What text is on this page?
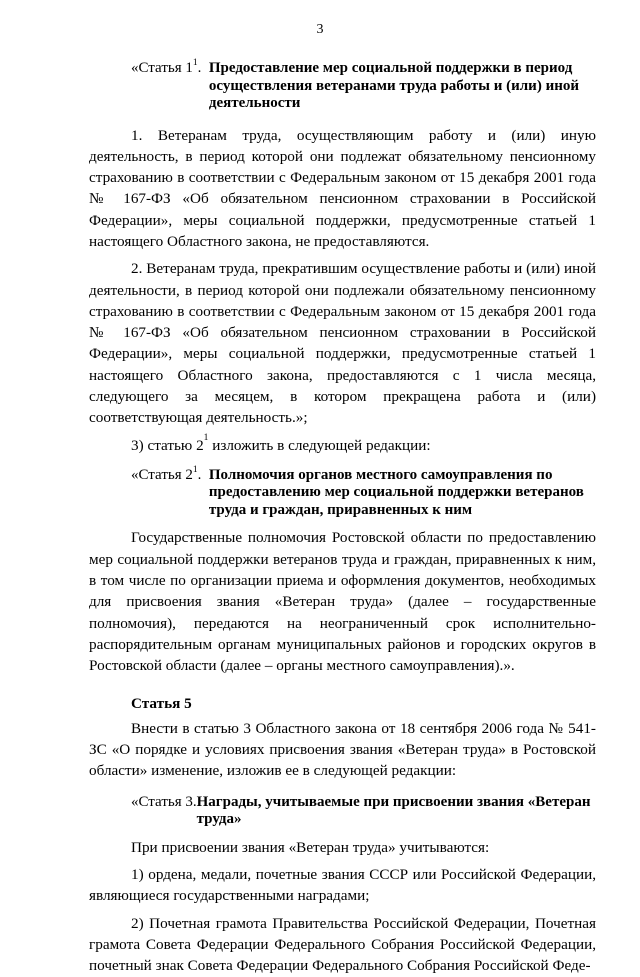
3
«Статья $1^1$. Предоставление мер социальной поддержки в период осуществления ветеранами труда работы и (или) иной деятельности

1. Ветеранам труда, осуществляющим работу и (или) иную деятельность, в период которой они подлежат обязательному пенсионному страхованию в соответствии с Федеральным законом от 15 декабря 2001 года № 167-ФЗ «Об обязательном пенсионном страховании в Российской Федерации», меры социальной поддержки, предусмотренные статьей 1 настоящего Областного закона, не предоставляются.

2. Ветеранам труда, прекратившим осуществление работы и (или) иной деятельности, в период которой они подлежали обязательному пенсионному страхованию в соответствии с Федеральным законом от 15 декабря 2001 года № 167-ФЗ «Об обязательном пенсионном страховании в Российской Федерации», меры социальной поддержки, предусмотренные статьей 1 настоящего Областного закона, предоставляются с 1 числа месяца, следующего за месяцем, в котором прекращена работа и (или) соответствующая деятельность.»;

3) статью $2^1$ изложить в следующей редакции:

«Статья $2^1$. Полномочия органов местного самоуправления по предоставлению мер социальной поддержки ветеранов труда и граждан, приравненных к ним

Государственные полномочия Ростовской области по предоставлению мер социальной поддержки ветеранов труда и граждан, приравненных к ним, в том числе по организации приема и оформления документов, необходимых для присвоения звания «Ветеран труда» (далее – государственные полномочия), передаются на неограниченный срок исполнительно-распорядительным органам муниципальных районов и городских округов в Ростовской области (далее – органы местного самоуправления).».

Статья 5

Внести в статью 3 Областного закона от 18 сентября 2006 года № 541-ЗС «О порядке и условиях присвоения звания «Ветеран труда» в Ростовской области» изменение, изложив ее в следующей редакции:

«Статья 3. Награды, учитываемые при присвоении звания «Ветеран труда»

При присвоении звания «Ветеран труда» учитываются:

1) ордена, медали, почетные звания СССР или Российской Федерации, являющиеся государственными наградами;

2) Почетная грамота Правительства Российской Федерации, Почетная грамота Совета Федерации Федерального Собрания Российской Федерации, почетный знак Совета Федерации Федерального Собрания Российской Феде-
